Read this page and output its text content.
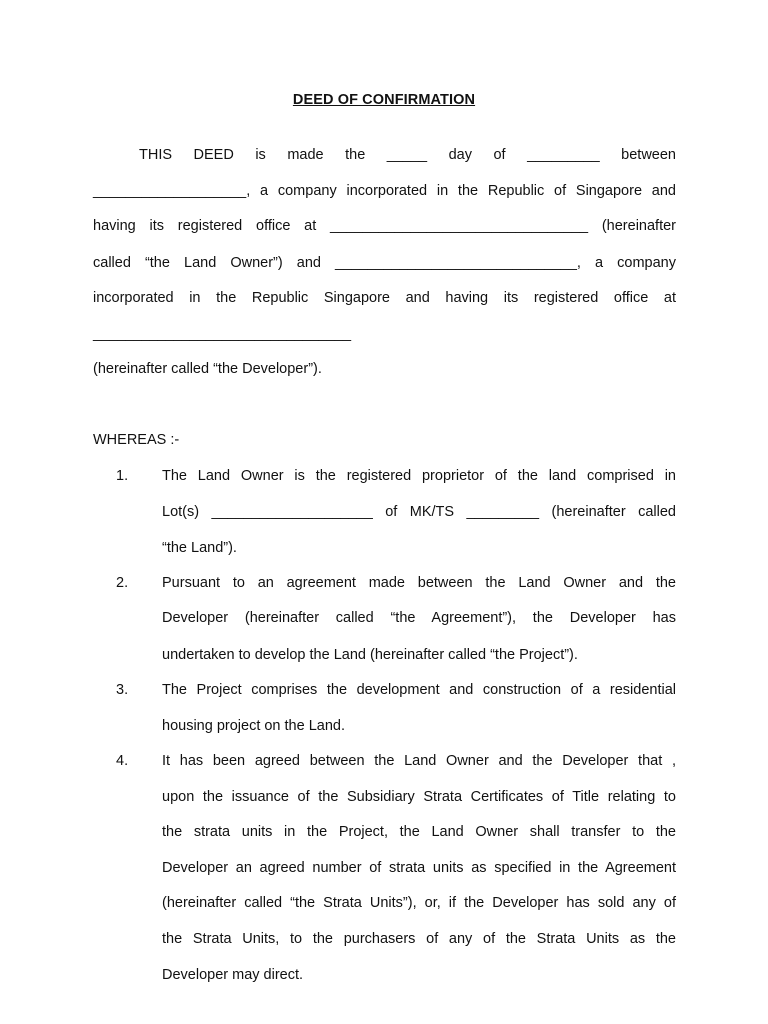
DEED OF CONFIRMATION
THIS DEED is made the _____ day of _________ between
___________________, a company incorporated in the Republic of Singapore and
having its registered office at ________________________________ (hereinafter
called “the Land Owner”) and ______________________________, a company
incorporated in the Republic Singapore and having its registered office at
________________________________
(hereinafter called “the Developer”).
WHEREAS :-
1. The Land Owner is the registered proprietor of the land comprised in
Lot(s) ____________________ of MK/TS _________ (hereinafter called
“the Land”).
2. Pursuant to an agreement made between the Land Owner and the
Developer (hereinafter called “the Agreement”), the Developer has
undertaken to develop the Land (hereinafter called “the Project”).
3. The Project comprises the development and construction of a residential
housing project on the Land.
4. It has been agreed between the Land Owner and the Developer that ,
upon the issuance of the Subsidiary Strata Certificates of Title relating to
the strata units in the Project, the Land Owner shall transfer to the
Developer an agreed number of strata units as specified in the Agreement
(hereinafter called “the Strata Units”), or, if the Developer has sold any of
the Strata Units, to the purchasers of any of the Strata Units as the
Developer may direct.
